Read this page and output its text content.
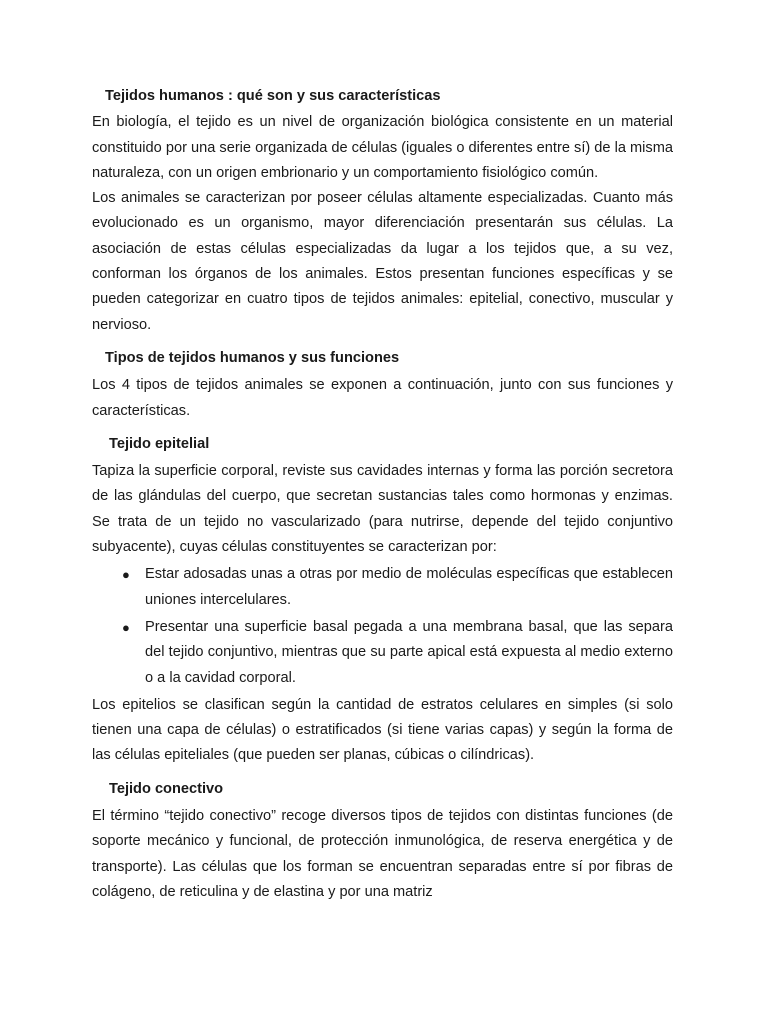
Tejidos humanos : qué son y sus características

En biología, el tejido es un nivel de organización biológica consistente en un material constituido por una serie organizada de células (iguales o diferentes entre sí) de la misma naturaleza, con un origen embrionario y un comportamiento fisiológico común.

Los animales se caracterizan por poseer células altamente especializadas. Cuanto más evolucionado es un organismo, mayor diferenciación presentarán sus células. La asociación de estas células especializadas da lugar a los tejidos que, a su vez, conforman los órganos de los animales. Estos presentan funciones específicas y se pueden categorizar en cuatro tipos de tejidos animales: epitelial, conectivo, muscular y nervioso.

Tipos de tejidos humanos y sus funciones

Los 4 tipos de tejidos animales se exponen a continuación, junto con sus funciones y características.

Tejido epitelial

Tapiza la superficie corporal, reviste sus cavidades internas y forma las porción secretora de las glándulas del cuerpo, que secretan sustancias tales como hormonas y enzimas. Se trata de un tejido no vascularizado (para nutrirse, depende del tejido conjuntivo subyacente), cuyas células constituyentes se caracterizan por:

● Estar adosadas unas a otras por medio de moléculas específicas que establecen uniones intercelulares.
● Presentar una superficie basal pegada a una membrana basal, que las separa del tejido conjuntivo, mientras que su parte apical está expuesta al medio externo o a la cavidad corporal.

Los epitelios se clasifican según la cantidad de estratos celulares en simples (si solo tienen una capa de células) o estratificados (si tiene varias capas) y según la forma de las células epiteliales (que pueden ser planas, cúbicas o cilíndricas).

Tejido conectivo

El término “tejido conectivo” recoge diversos tipos de tejidos con distintas funciones (de soporte mecánico y funcional, de protección inmunológica, de reserva energética y de transporte). Las células que los forman se encuentran separadas entre sí por fibras de colágeno, de reticulina y de elastina y por una matriz
